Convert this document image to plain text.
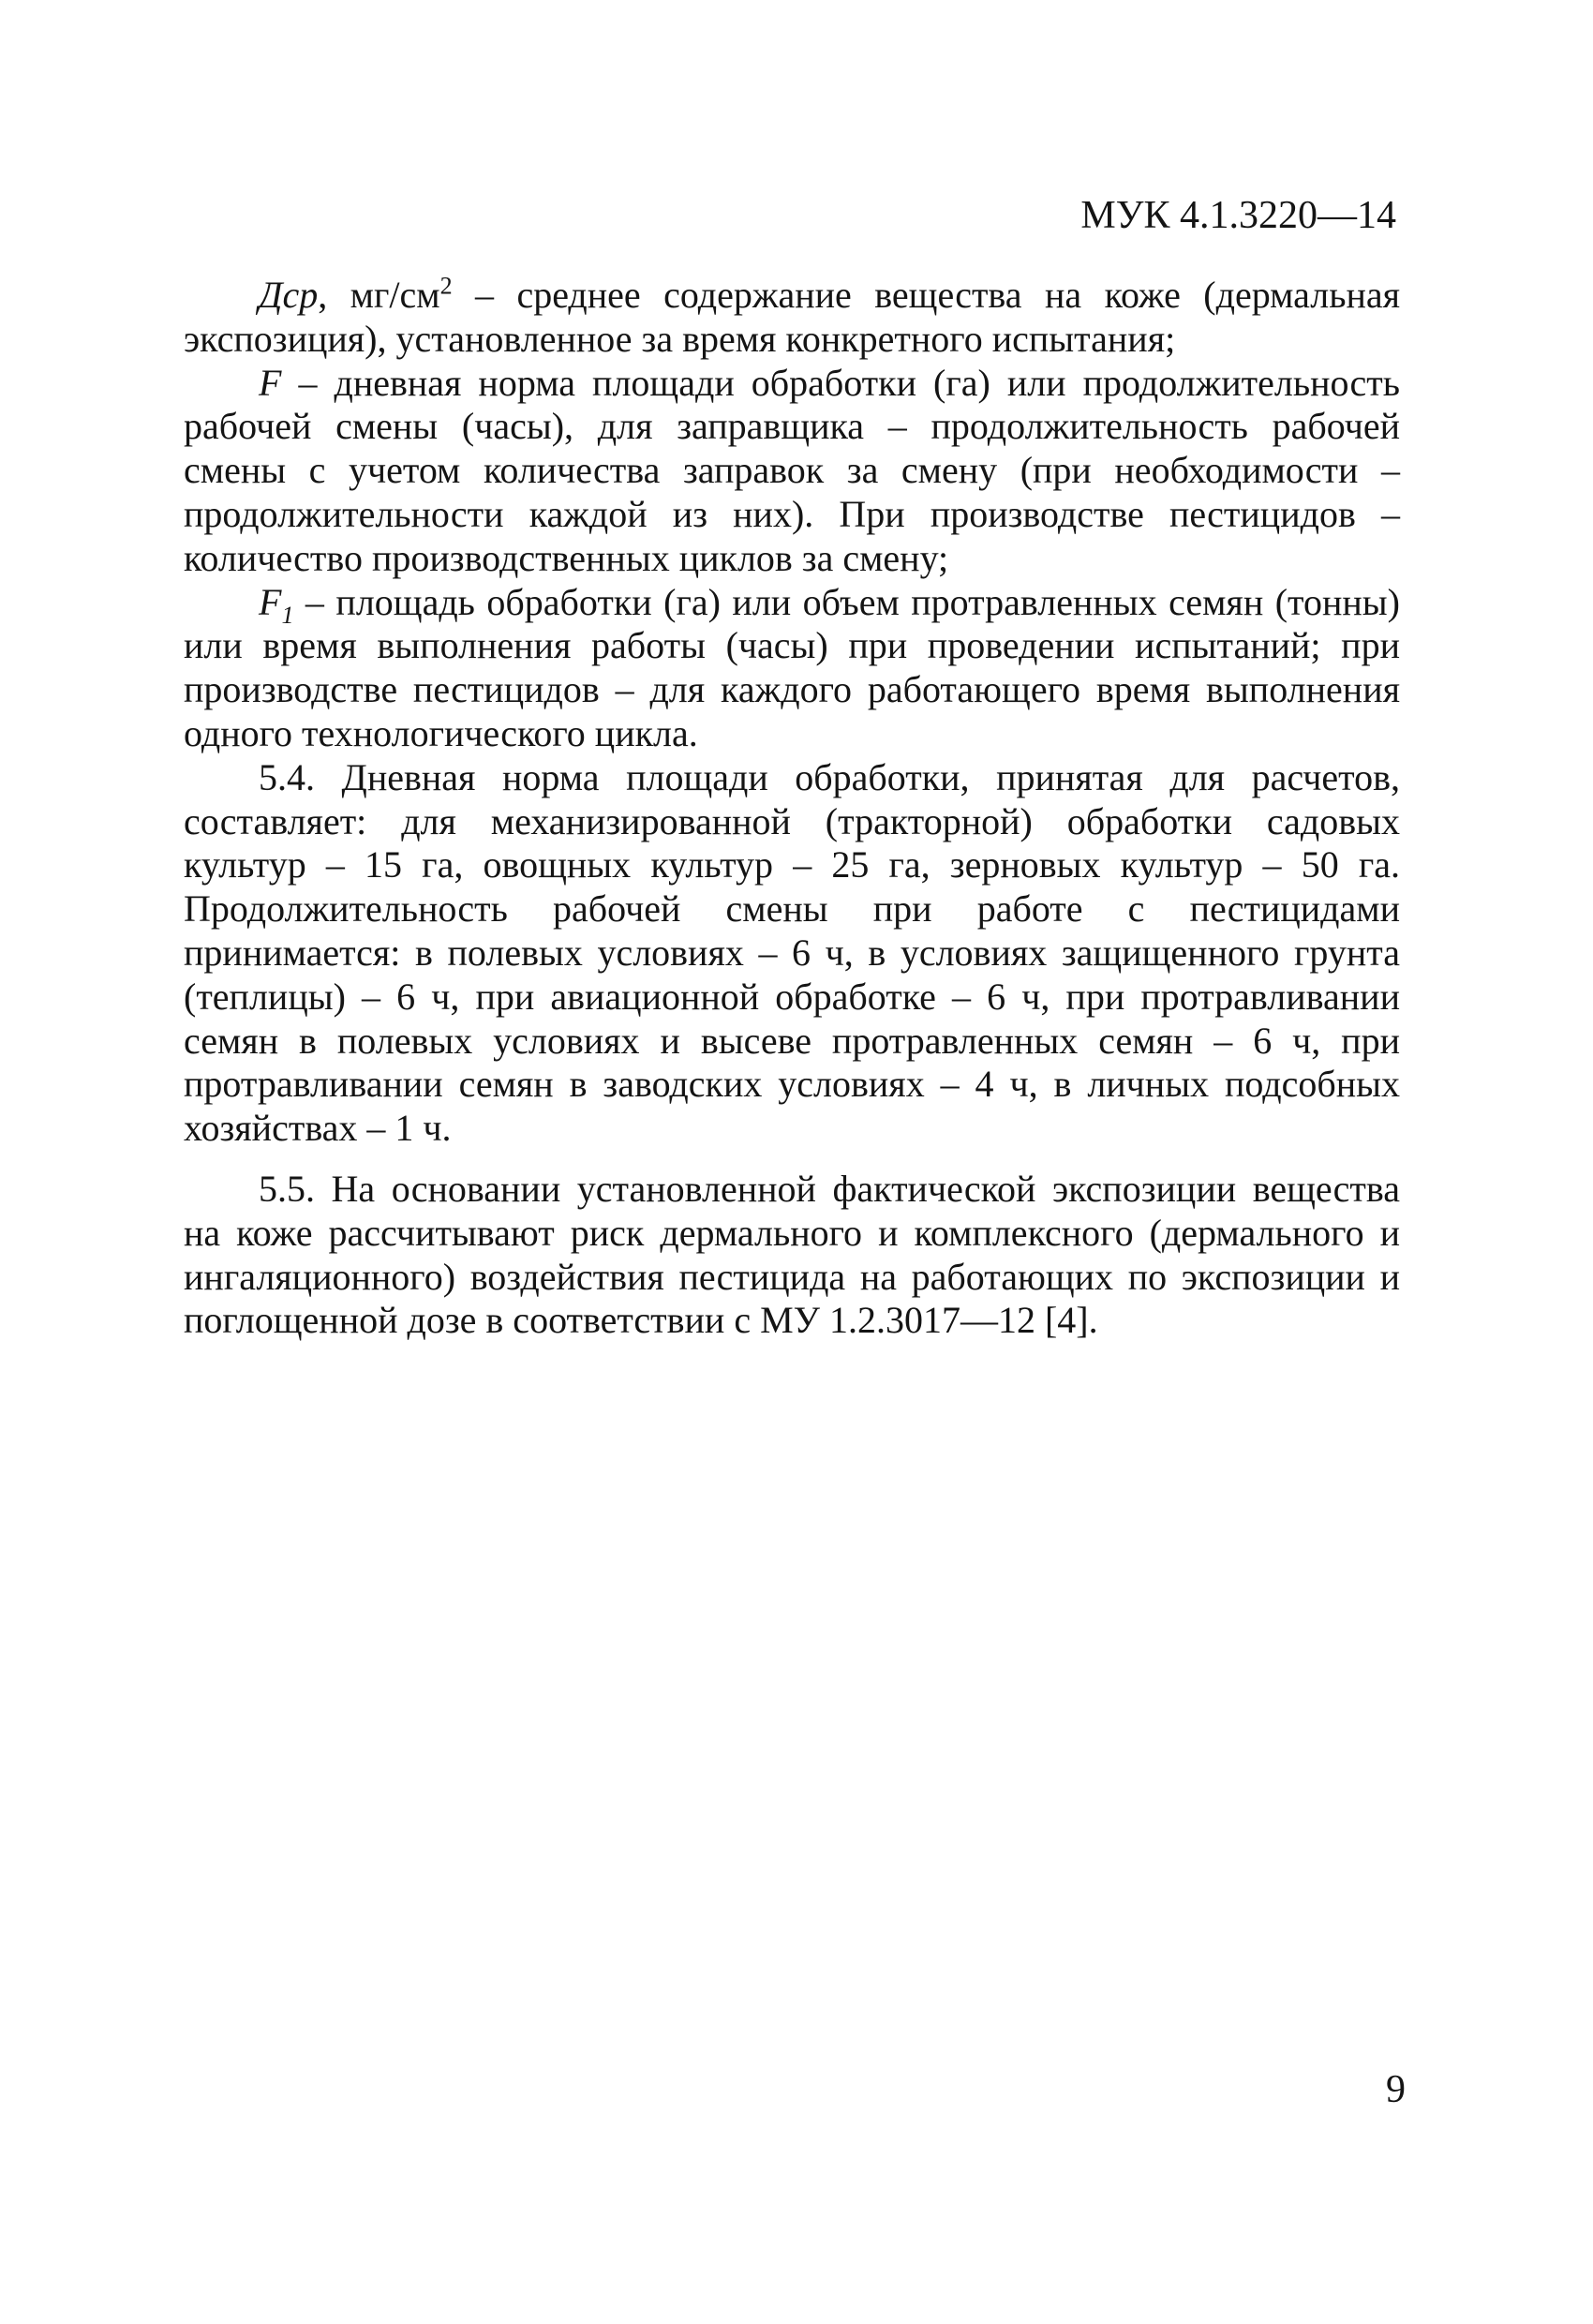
МУК 4.1.3220—14

Дср, $мг/см^2$ – среднее содержание вещества на коже (дермальная экспозиция), установленное за время конкретного испытания;

F – дневная норма площади обработки (га) или продолжительность рабочей смены (часы), для заправщика – продолжительность рабочей смены с учетом количества заправок за смену (при необходимости – продолжительности каждой из них). При производстве пестицидов – количество производственных циклов за смену;

$F_1$ – площадь обработки (га) или объем протравленных семян (тонны) или время выполнения работы (часы) при проведении испытаний; при производстве пестицидов – для каждого работающего время выполнения одного технологического цикла.

5.4. Дневная норма площади обработки, принятая для расчетов, составляет: для механизированной (тракторной) обработки садовых культур – 15 га, овощных культур – 25 га, зерновых культур – 50 га. Продолжительность рабочей смены при работе с пестицидами принимается: в полевых условиях – 6 ч, в условиях защищенного грунта (теплицы) – 6 ч, при авиационной обработке – 6 ч, при протравливании семян в полевых условиях и высеве протравленных семян – 6 ч, при протравливании семян в заводских условиях – 4 ч, в личных подсобных хозяйствах – 1 ч.

5.5. На основании установленной фактической экспозиции вещества на коже рассчитывают риск дермального и комплексного (дермального и ингаляционного) воздействия пестицида на работающих по экспозиции и поглощенной дозе в соответствии с МУ 1.2.3017—12 [4].

9
